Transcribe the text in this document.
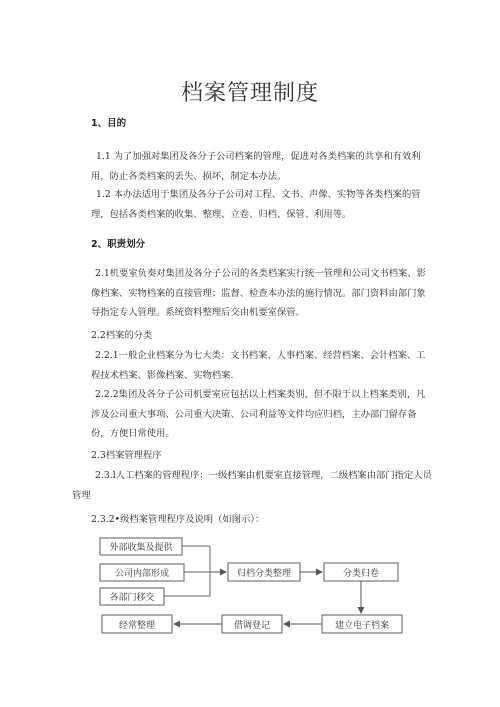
档案管理制度
1、目的
1.1 为了加强对集团及各分子公司档案的管理，促进对各类档案的共享和有效利
用，防止各类档案的丢失、损坏，制定本办法。
1.2 本办法适用于集团及各分子公司对工程、文书、声像、实物等各类档案的管
理，包括各类档案的收集、整理、立卷、归档、保管、利用等。
2、职责划分
2.1机要室负奏对集团及各分子公司的各类档案实行统一管理和公司文书档案、影
像档案、实物档案的直接管理；监督、检查本办法的施行情况。部门资料由部门象
导指定专人管理。系统资料整理后交由机要室保管。
2.2档案的分类
2.2.1一般企业档案分为七大类：文书档案、人事档案、经营档案、会计档案、工
程技术档案、影像档案、实物档案.
2.2.2集团及各分子公司机要室应包括以上档案类别，但不限于以上档案类别，凡
涉及公司重大事项、公司重大决策、公司利益等文件均应归档，主办部门留存备
份，方便日常使用。
2.3档案管理程序
2.3.l人工档案的管理程序：一级档案由机要室直接管理，二级档案由部门指定人员
管理
2.3.2•级档案管理程序及说明（如图示）：
外部收集及提供
公司内部形成
各部门移交
归档分类整理	分类归卷
建立电子档案
借调登记
经常整理
